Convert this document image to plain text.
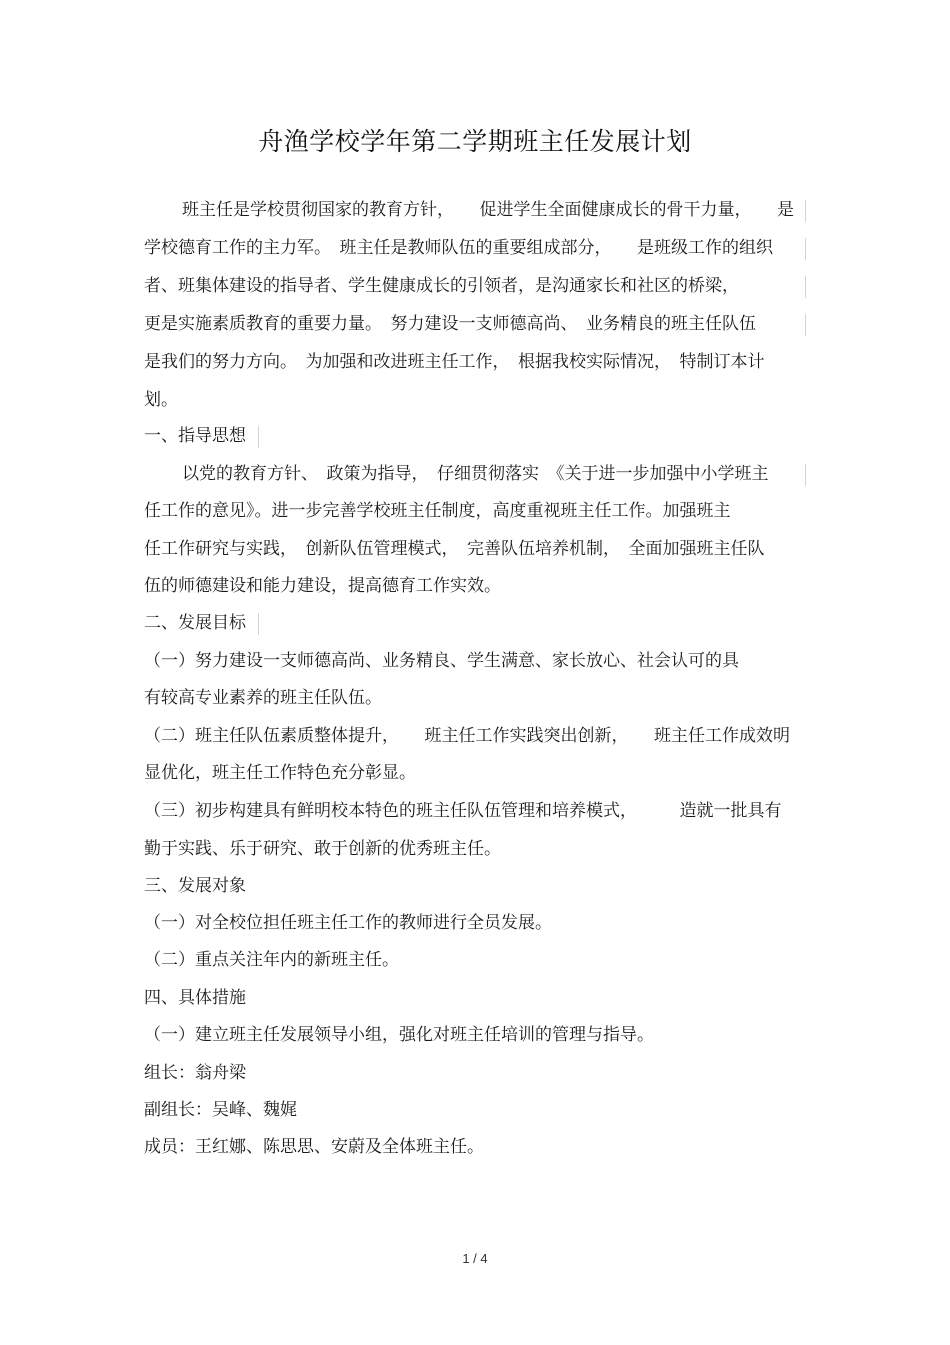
舟渔学校学年第二学期班主任发展计划
班主任是学校贯彻国家的教育方针，　　促进学生全面健康成长的骨干力量，　　是
学校德育工作的主力军。　班主任是教师队伍的重要组成部分，　　是班级工作的组织
者、班集体建设的指导者、学生健康成长的引领者，是沟通家长和社区的桥梁，
更是实施素质教育的重要力量。　努力建设一支师德高尚、　业务精良的班主任队伍
是我们的努力方向。　为加强和改进班主任工作，　根据我校实际情况，　特制订本计
划。
一、指导思想
以党的教育方针、　政策为指导，　仔细贯彻落实　《关于进一步加强中小学班主
任工作的意见》。进一步完善学校班主任制度，高度重视班主任工作。加强班主
任工作研究与实践，　创新队伍管理模式，　完善队伍培养机制，　全面加强班主任队
伍的师德建设和能力建设，提高德育工作实效。
二、发展目标
（一）努力建设一支师德高尚、业务精良、学生满意、家长放心、社会认可的具
有较高专业素养的班主任队伍。
（二）班主任队伍素质整体提升，　　班主任工作实践突出创新，　　班主任工作成效明
显优化，班主任工作特色充分彰显。
（三）初步构建具有鲜明校本特色的班主任队伍管理和培养模式，　　　造就一批具有
勤于实践、乐于研究、敢于创新的优秀班主任。
三、发展对象
（一）对全校位担任班主任工作的教师进行全员发展。
（二）重点关注年内的新班主任。
四、具体措施
（一）建立班主任发展领导小组，强化对班主任培训的管理与指导。
组长：翁舟梁
副组长：吴峰、魏娓
成员：王红娜、陈思思、安蔚及全体班主任。
1 / 4
